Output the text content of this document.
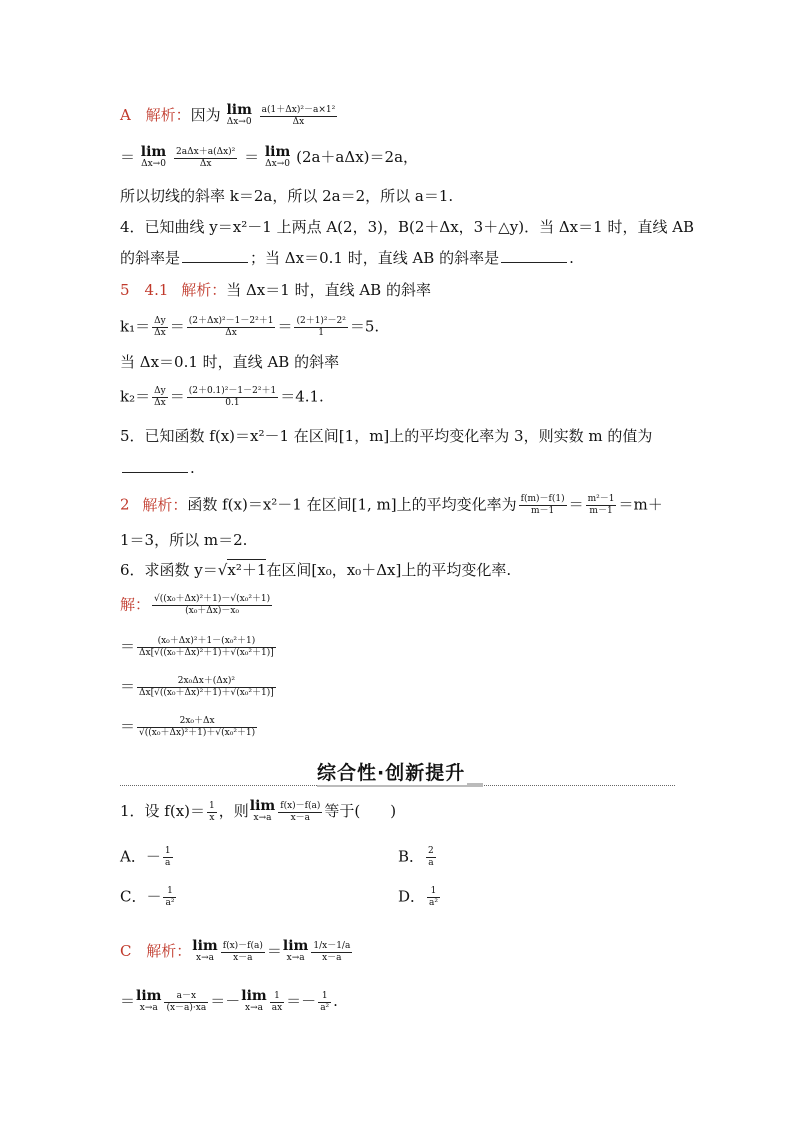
A 解析：因为 lim
Δx→0
$\frac{\text{a(1＋Δx)²－a×1²}}{\Delta x}$
＝ lim
Δx→0
$\frac{\text{2aΔx＋a(Δx)²}}{\Delta x} = \lim$
Δx→0 (2a＋aΔx)＝2a，
所以切线的斜率 k＝2a，所以 2a＝2，所以 a＝1.
4．已知曲线 y＝x²－1 上两点 A(2，3)，B(2＋Δx，3＋△y)．当 Δx＝1 时，直线 AB
的斜率是	；当 Δx＝0.1 时，直线 AB 的斜率是	.
5　4.1 解析：当 Δx＝1 时，直线 AB 的斜率
$k_1= \frac{\Delta y}{\Delta x} = \frac{\text{(2＋Δx)²－1－2²＋1}}{\Delta x} = \frac{\text{(2＋1)²－2²}}{1} =5$.
当 Δx＝0.1 时，直线 AB 的斜率
$k_2= \frac{\Delta y}{\Delta x} = \frac{\text{(2＋0.1)²－1－2²＋1}}{0.1} =4.1$.
5．已知函数 f(x)＝x²－1 在区间[1，m]上的平均变化率为 3，则实数 m 的值为
.
2 解析：函数 f(x)＝x²－1 在区间[1, m]上的平均变化率为 $\frac{f(m)-f(1)}{m-1} = \frac{\text{m²－1}}{m-1} =m+$
1＝3，所以 m＝2.
6．求函数 y＝√x²＋1在区间[x₀，x₀＋Δx]上的平均变化率.
解： $\frac{\text{√((x₀＋Δx)²＋1)－√(x₀²＋1)}}{\text{(x₀＋Δx)－x₀}}$
＝ $\frac{\text{(x₀＋Δx)²＋1－(x₀²＋1)}}{\text{Δx[√((x₀＋Δx)²＋1)＋√(x₀²＋1)]}}$
＝ $\frac{\text{2x₀Δx＋(Δx)²}}{\text{Δx[√((x₀＋Δx)²＋1)＋√(x₀²＋1)]}}$
＝ $\frac{\text{2x₀＋Δx}}{\text{√((x₀＋Δx)²＋1)＋√(x₀²＋1)}}$
综合性·创新提升
1．设 $f(x)= \frac{1}{x}$ ，则 lim
$x\to a \frac{f(x)-f(a)}{x-a}$ 等于(　　)
A．－ $\frac{1}{a}$	B． $\frac{2}{a}$
C．－ $\frac{1}{\text{a²}}$	D． $\frac{1}{\text{a²}}$
C 解析： lim
$x\to a \frac{f(x)-f(a)}{x-a} = \lim$
$x\to a \frac{1/x-1/a}{x-a}$
＝ lim
$x\to a \frac{a-x}{(x-a)\cdot xa} =- \lim$
$x\to a \frac{1}{ax} =- \frac{1}{\text{a²}}$ .
